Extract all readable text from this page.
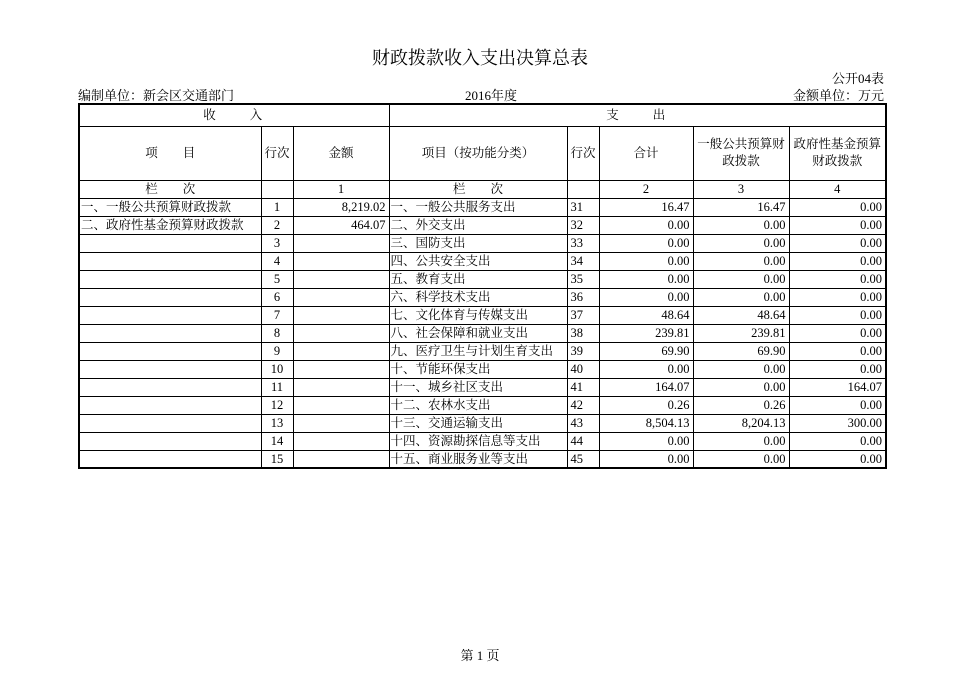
财政拨款收入支出决算总表
公开04表
编制单位：新会区交通部门	2016年度	金额单位：万元
收　　入			支　　出				
项　　目	行次	金额	项目（按功能分类）	行次	合计	一般公共预算财政拨款	政府性基金预算财政拨款
栏　　次		1	栏　　次		2	3	4
一、一般公共预算财政拨款	1	8,219.02	一、一般公共服务支出	31	16.47	16.47	0.00
二、政府性基金预算财政拨款	2	464.07	二、外交支出	32	0.00	0.00	0.00
	3		三、国防支出	33	0.00	0.00	0.00
	4		四、公共安全支出	34	0.00	0.00	0.00
	5		五、教育支出	35	0.00	0.00	0.00
	6		六、科学技术支出	36	0.00	0.00	0.00
	7		七、文化体育与传媒支出	37	48.64	48.64	0.00
	8		八、社会保障和就业支出	38	239.81	239.81	0.00
	9		九、医疗卫生与计划生育支出	39	69.90	69.90	0.00
	10		十、节能环保支出	40	0.00	0.00	0.00
	11		十一、城乡社区支出	41	164.07	0.00	164.07
	12		十二、农林水支出	42	0.26	0.26	0.00
	13		十三、交通运输支出	43	8,504.13	8,204.13	300.00
	14		十四、资源勘探信息等支出	44	0.00	0.00	0.00
	15		十五、商业服务业等支出	45	0.00	0.00	0.00
第 1 页
